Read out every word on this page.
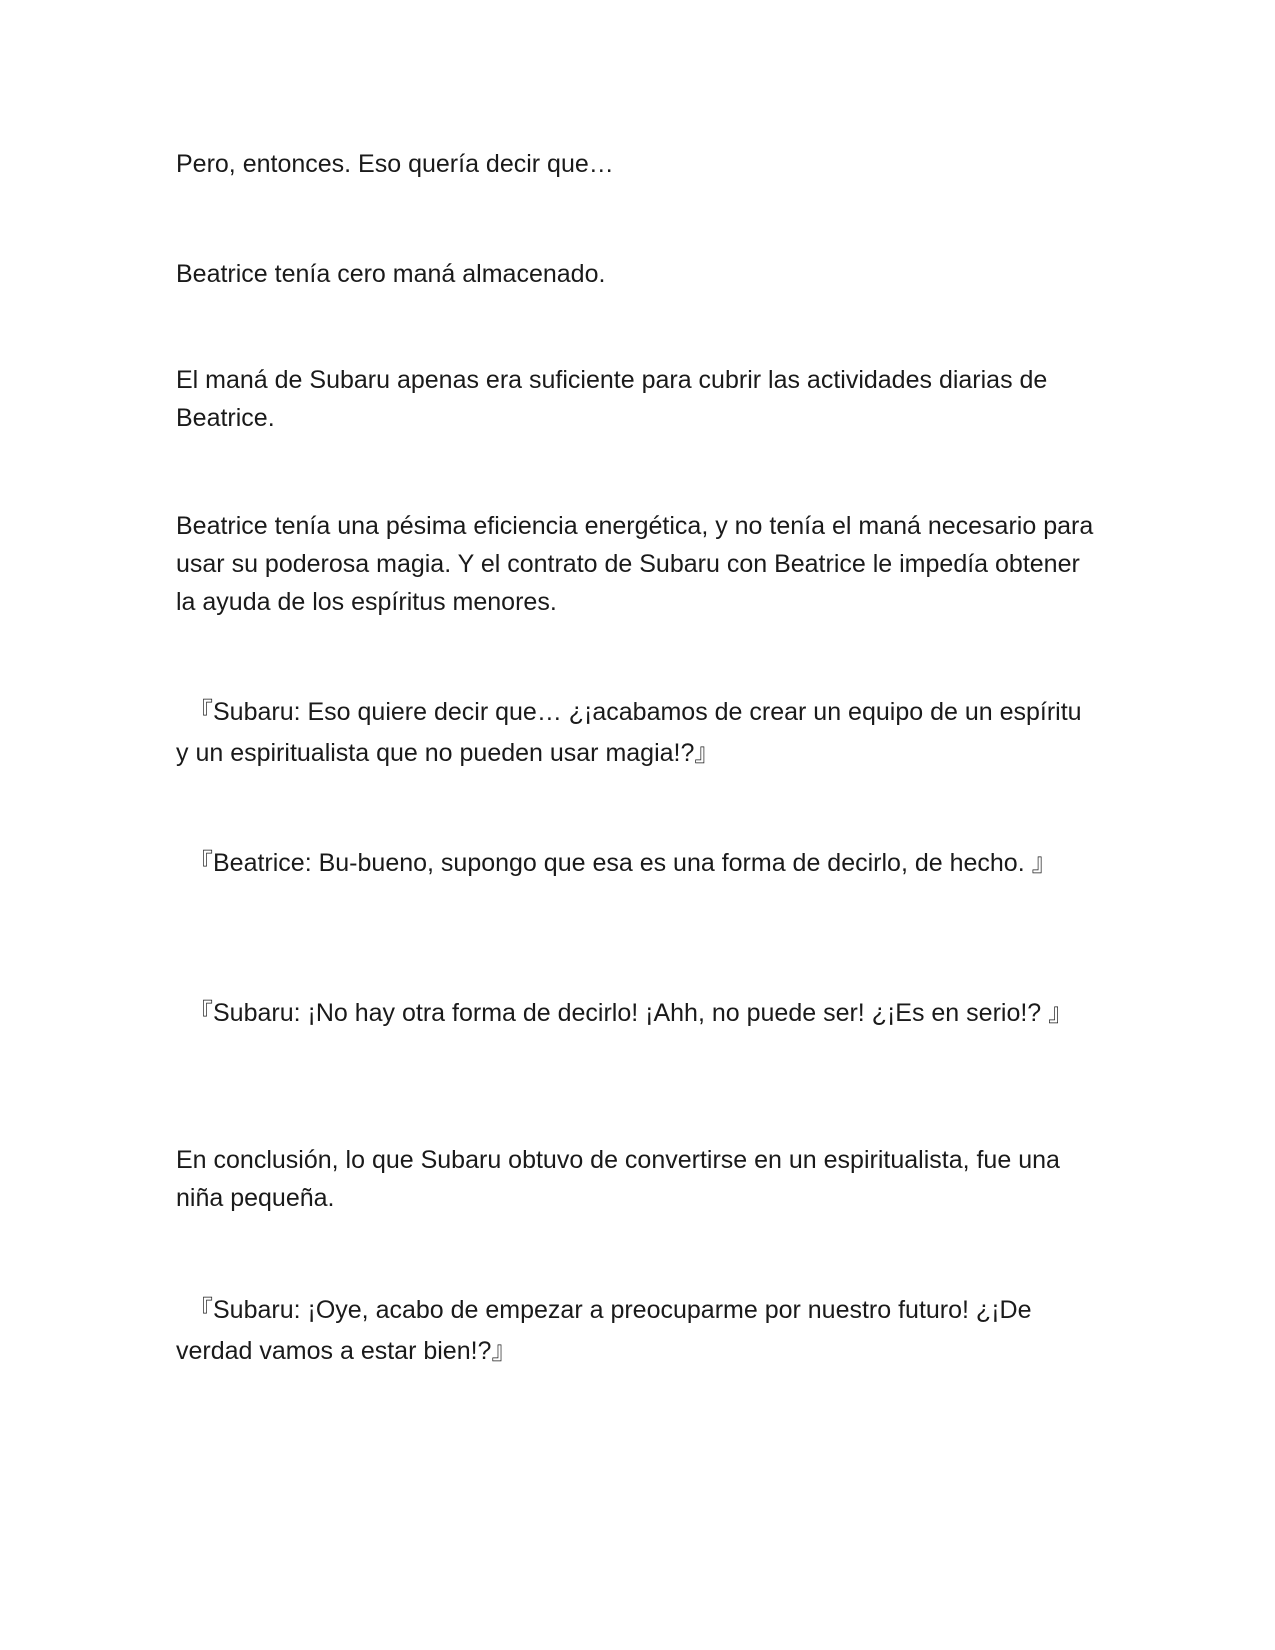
Pero, entonces. Eso quería decir que…

Beatrice tenía cero maná almacenado.

El maná de Subaru apenas era suficiente para cubrir las actividades diarias de Beatrice.

Beatrice tenía una pésima eficiencia energética, y no tenía el maná necesario para usar su poderosa magia. Y el contrato de Subaru con Beatrice le impedía obtener la ayuda de los espíritus menores.

『Subaru: Eso quiere decir que… ¿¡acabamos de crear un equipo de un espíritu y un espiritualista que no pueden usar magia!?』

『Beatrice: Bu-bueno, supongo que esa es una forma de decirlo, de hecho. 』

『Subaru: ¡No hay otra forma de decirlo! ¡Ahh, no puede ser! ¿¡Es en serio!? 』

En conclusión, lo que Subaru obtuvo de convertirse en un espiritualista, fue una niña pequeña.

『Subaru: ¡Oye, acabo de empezar a preocuparme por nuestro futuro! ¿¡De verdad vamos a estar bien!?』
